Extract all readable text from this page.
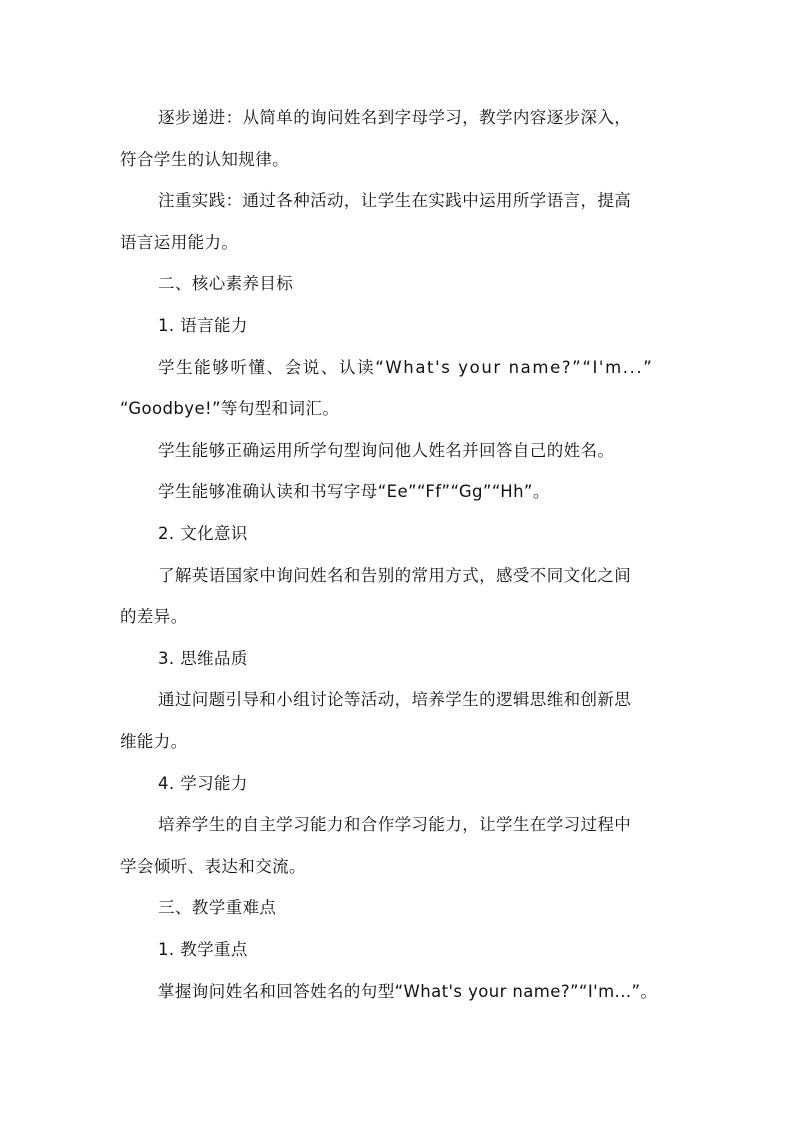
逐步递进：从简单的询问姓名到字母学习，教学内容逐步深入，
符合学生的认知规律。
注重实践：通过各种活动，让学生在实践中运用所学语言，提高
语言运用能力。
二、核心素养目标
1. 语言能力
学生能够听懂、会说、认读“What's your name?”“I'm...”
“Goodbye!”等句型和词汇。
学生能够正确运用所学句型询问他人姓名并回答自己的姓名。
学生能够准确认读和书写字母“Ee”“Ff”“Gg”“Hh”。
2. 文化意识
了解英语国家中询问姓名和告别的常用方式，感受不同文化之间
的差异。
3. 思维品质
通过问题引导和小组讨论等活动，培养学生的逻辑思维和创新思
维能力。
4. 学习能力
培养学生的自主学习能力和合作学习能力，让学生在学习过程中
学会倾听、表达和交流。
三、教学重难点
1. 教学重点
掌握询问姓名和回答姓名的句型“What's your name?”“I'm...”。
